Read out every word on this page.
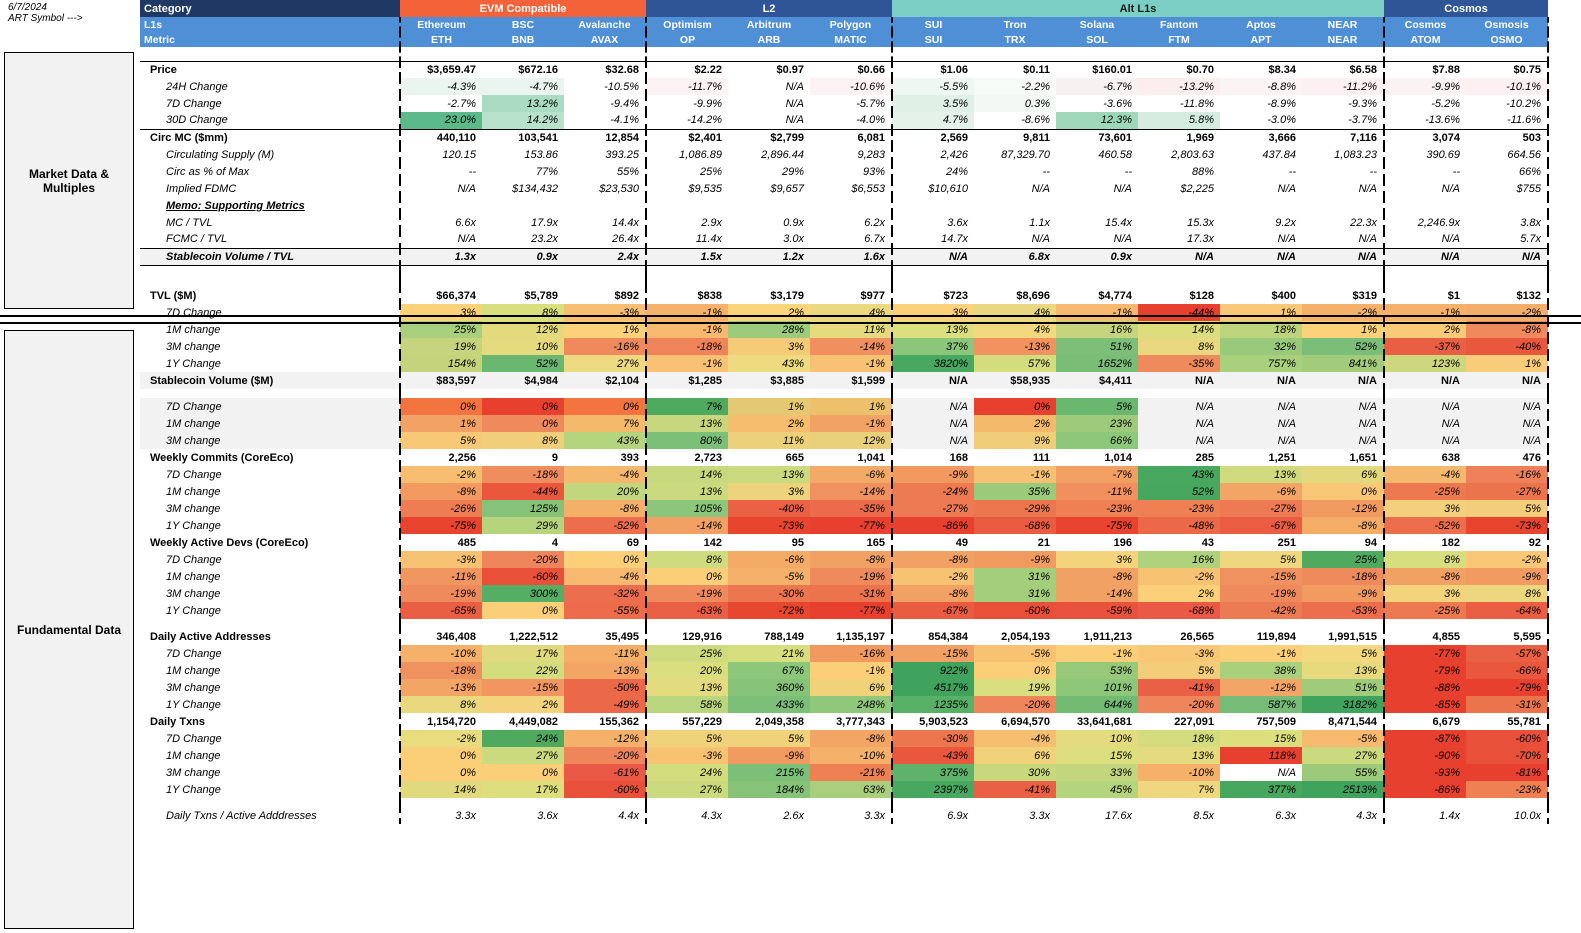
6/7/2024
ART Symbol --->
Market Data & Multiples
Fundamental Data
Category	EVM Compatible			L2			Alt L1s						Cosmos	
L1s	Ethereum	BSC	Avalanche	Optimism	Arbitrum	Polygon	SUI	Tron	Solana	Fantom	Aptos	NEAR	Cosmos	Osmosis
Metric	ETH	BNB	AVAX	OP	ARB	MATIC	SUI	TRX	SOL	FTM	APT	NEAR	ATOM	OSMO

Price	$3,659.47	$672.16	$32.68	$2.22	$0.97	$0.66	$1.06	$0.11	$160.01	$0.70	$8.34	$6.58	$7.88	$0.75
24H Change	-4.3%	-4.7%	-10.5%	-11.7%	N/A	-10.6%	-5.5%	-2.2%	-6.7%	-13.2%	-8.8%	-11.2%	-9.9%	-10.1%
7D Change	-2.7%	13.2%	-9.4%	-9.9%	N/A	-5.7%	3.5%	0.3%	-3.6%	-11.8%	-8.9%	-9.3%	-5.2%	-10.2%
30D Change	23.0%	14.2%	-4.1%	-14.2%	N/A	-4.0%	4.7%	-8.6%	12.3%	5.8%	-3.0%	-3.7%	-13.6%	-11.6%
Circ MC ($mm)	440,110	103,541	12,854	$2,401	$2,799	6,081	2,569	9,811	73,601	1,969	3,666	7,116	3,074	503
Circulating Supply (M)	120.15	153.86	393.25	1,086.89	2,896.44	9,283	2,426	87,329.70	460.58	2,803.63	437.84	1,083.23	390.69	664.56
Circ as % of Max	--	77%	55%	25%	29%	93%	24%	--	--	88%	--	--	--	66%
Implied FDMC	N/A	$134,432	$23,530	$9,535	$9,657	$6,553	$10,610	N/A	N/A	$2,225	N/A	N/A	N/A	$755
Memo: Supporting Metrics														
MC / TVL	6.6x	17.9x	14.4x	2.9x	0.9x	6.2x	3.6x	1.1x	15.4x	15.3x	9.2x	22.3x	2,246.9x	3.8x
FCMC / TVL	N/A	23.2x	26.4x	11.4x	3.0x	6.7x	14.7x	N/A	N/A	17.3x	N/A	N/A	N/A	5.7x
Stablecoin Volume / TVL	1.3x	0.9x	2.4x	1.5x	1.2x	1.6x	N/A	6.8x	0.9x	N/A	N/A	N/A	N/A	N/A

TVL ($M)	$66,374	$5,789	$892	$838	$3,179	$977	$723	$8,696	$4,774	$128	$400	$319	$1	$132
7D Change	3%	8%	-3%	-1%	2%	4%	3%	4%	-1%	-44%	1%	-2%	-1%	-2%
1M change	25%	12%	1%	-1%	28%	11%	13%	4%	16%	14%	18%	1%	2%	-8%
3M change	19%	10%	-16%	-18%	3%	-14%	37%	-13%	51%	8%	32%	52%	-37%	-40%
1Y Change	154%	52%	27%	-1%	43%	-1%	3820%	57%	1652%	-35%	757%	841%	123%	1%
Stablecoin Volume ($M)	$83,597	$4,984	$2,104	$1,285	$3,885	$1,599	N/A	$58,935	$4,411	N/A	N/A	N/A	N/A	N/A

7D Change	0%	0%	0%	7%	1%	1%	N/A	0%	5%	N/A	N/A	N/A	N/A	N/A
1M change	1%	0%	7%	13%	2%	-1%	N/A	2%	23%	N/A	N/A	N/A	N/A	N/A
3M change	5%	8%	43%	80%	11%	12%	N/A	9%	66%	N/A	N/A	N/A	N/A	N/A
Weekly Commits (CoreEco)	2,256	9	393	2,723	665	1,041	168	111	1,014	285	1,251	1,651	638	476
7D Change	-2%	-18%	-4%	14%	13%	-6%	-9%	-1%	-7%	43%	13%	6%	-4%	-16%
1M change	-8%	-44%	20%	13%	3%	-14%	-24%	35%	-11%	52%	-6%	0%	-25%	-27%
3M change	-26%	125%	-8%	105%	-40%	-35%	-27%	-29%	-23%	-23%	-27%	-12%	3%	5%
1Y Change	-75%	29%	-52%	-14%	-73%	-77%	-86%	-68%	-75%	-48%	-67%	-8%	-52%	-73%
Weekly Active Devs (CoreEco)	485	4	69	142	95	165	49	21	196	43	251	94	182	92
7D Change	-3%	-20%	0%	8%	-6%	-8%	-8%	-9%	3%	16%	5%	25%	8%	-2%
1M change	-11%	-60%	-4%	0%	-5%	-19%	-2%	31%	-8%	-2%	-15%	-18%	-8%	-9%
3M change	-19%	300%	-32%	-19%	-30%	-31%	-8%	31%	-14%	2%	-19%	-9%	3%	8%
1Y Change	-65%	0%	-55%	-63%	-72%	-77%	-67%	-60%	-59%	-68%	-42%	-53%	-25%	-64%

Daily Active Addresses	346,408	1,222,512	35,495	129,916	788,149	1,135,197	854,384	2,054,193	1,911,213	26,565	119,894	1,991,515	4,855	5,595
7D Change	-10%	17%	-11%	25%	21%	-16%	-15%	-5%	-1%	-3%	-1%	5%	-77%	-57%
1M change	-18%	22%	-13%	20%	67%	-1%	922%	0%	53%	5%	38%	13%	-79%	-66%
3M change	-13%	-15%	-50%	13%	360%	6%	4517%	19%	101%	-41%	-12%	51%	-88%	-79%
1Y Change	8%	2%	-49%	58%	433%	248%	1235%	-20%	644%	-20%	587%	3182%	-85%	-31%
Daily Txns	1,154,720	4,449,082	155,362	557,229	2,049,358	3,777,343	5,903,523	6,694,570	33,641,681	227,091	757,509	8,471,544	6,679	55,781
7D Change	-2%	24%	-12%	5%	5%	-8%	-30%	-4%	10%	18%	15%	-5%	-87%	-60%
1M change	0%	27%	-20%	-3%	-9%	-10%	-43%	6%	15%	13%	118%	27%	-90%	-70%
3M change	0%	0%	-61%	24%	215%	-21%	375%	30%	33%	-10%	N/A	55%	-93%	-81%
1Y Change	14%	17%	-60%	27%	184%	63%	2397%	-41%	45%	7%	377%	2513%	-86%	-23%

Daily Txns / Active Adddresses	3.3x	3.6x	4.4x	4.3x	2.6x	3.3x	6.9x	3.3x	17.6x	8.5x	6.3x	4.3x	1.4x	10.0x
